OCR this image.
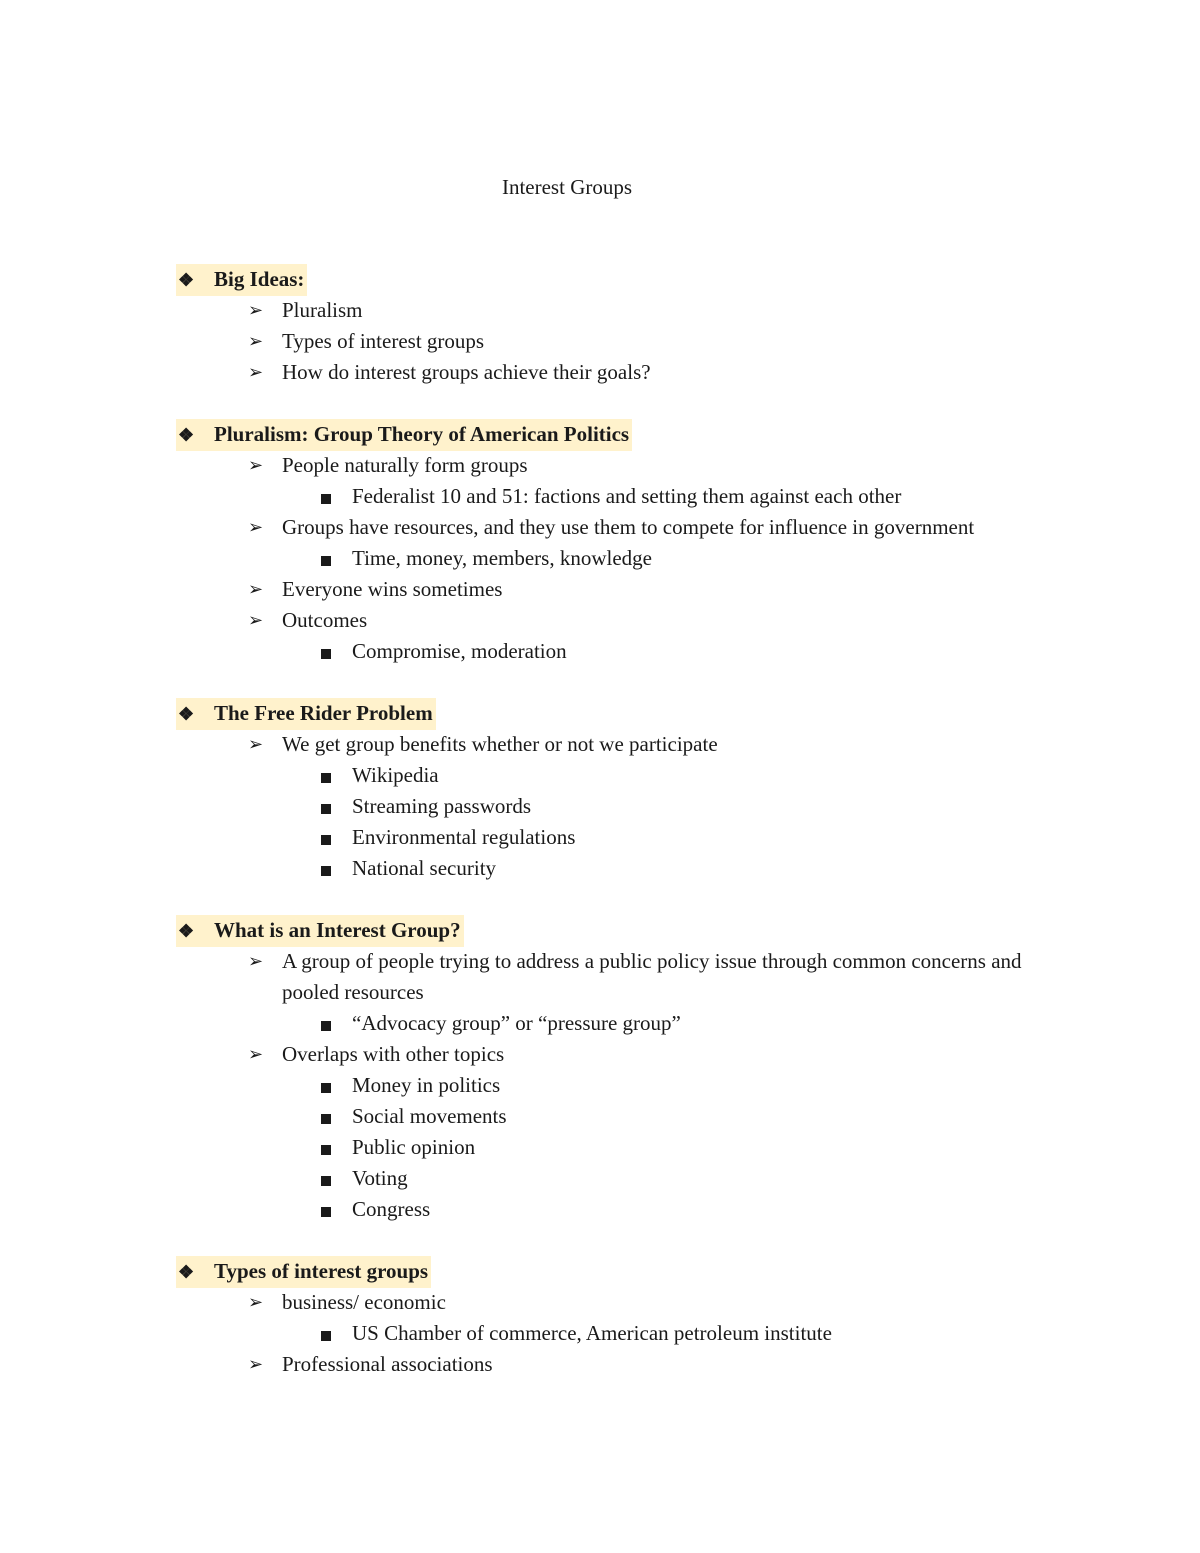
Interest Groups
❖ Big Ideas:
➢ Pluralism
➢ Types of interest groups
➢ How do interest groups achieve their goals?
❖ Pluralism: Group Theory of American Politics
➢ People naturally form groups
Federalist 10 and 51: factions and setting them against each other
➢ Groups have resources, and they use them to compete for influence in government
Time, money, members, knowledge
➢ Everyone wins sometimes
➢ Outcomes
Compromise, moderation
❖ The Free Rider Problem
➢ We get group benefits whether or not we participate
Wikipedia
Streaming passwords
Environmental regulations
National security
❖ What is an Interest Group?
➢ A group of people trying to address a public policy issue through common concerns and pooled resources
“Advocacy group” or “pressure group”
➢ Overlaps with other topics
Money in politics
Social movements
Public opinion
Voting
Congress
❖ Types of interest groups
➢ business/ economic
US Chamber of commerce, American petroleum institute
➢ Professional associations
